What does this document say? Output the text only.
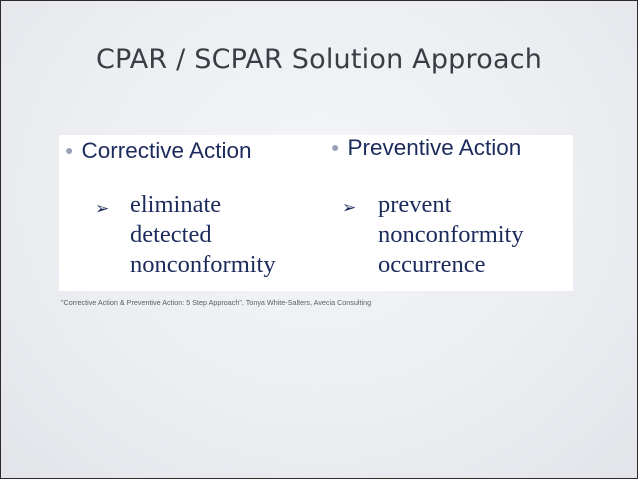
CPAR / SCPAR Solution Approach
● Corrective Action
➢ eliminate
detected
nonconformity
● Preventive Action
➢ prevent
nonconformity
occurrence
"Corrective Action & Preventive Action: 5 Step Approach", Tonya White-Salters, Avecia Consulting
